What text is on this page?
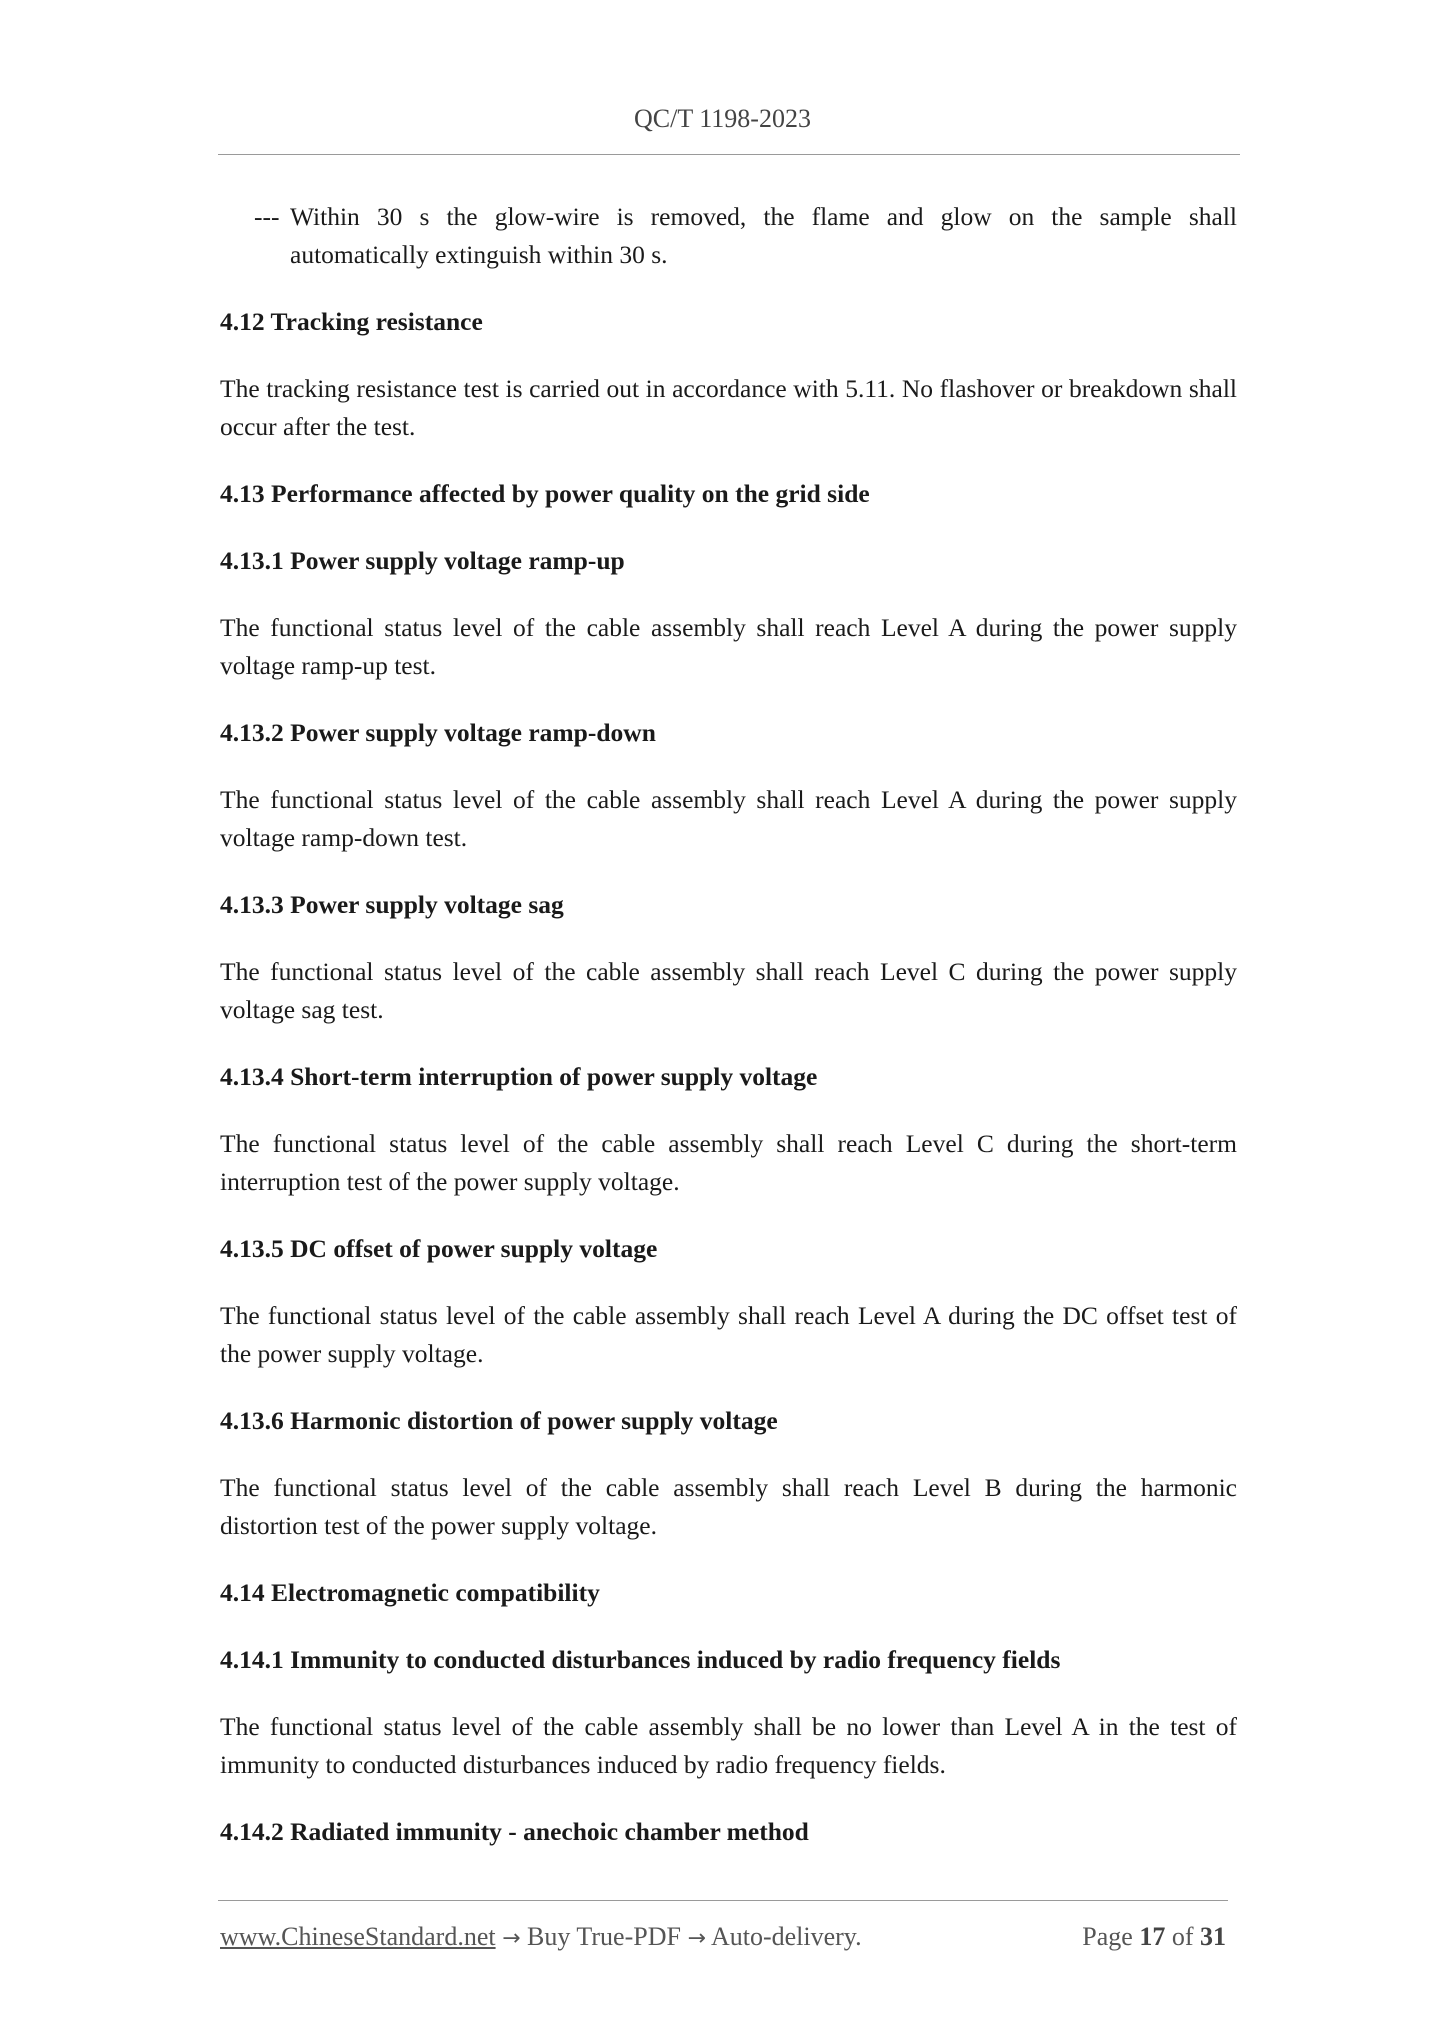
QC/T 1198-2023
--- Within 30 s the glow-wire is removed, the flame and glow on the sample shall
automatically extinguish within 30 s.
4.12 Tracking resistance
The tracking resistance test is carried out in accordance with 5.11. No flashover or breakdown shall occur after the test.
4.13 Performance affected by power quality on the grid side
4.13.1 Power supply voltage ramp-up
The functional status level of the cable assembly shall reach Level A during the power supply voltage ramp-up test.
4.13.2 Power supply voltage ramp-down
The functional status level of the cable assembly shall reach Level A during the power supply voltage ramp-down test.
4.13.3 Power supply voltage sag
The functional status level of the cable assembly shall reach Level C during the power supply voltage sag test.
4.13.4 Short-term interruption of power supply voltage
The functional status level of the cable assembly shall reach Level C during the short-term interruption test of the power supply voltage.
4.13.5 DC offset of power supply voltage
The functional status level of the cable assembly shall reach Level A during the DC offset test of the power supply voltage.
4.13.6 Harmonic distortion of power supply voltage
The functional status level of the cable assembly shall reach Level B during the harmonic distortion test of the power supply voltage.
4.14 Electromagnetic compatibility
4.14.1 Immunity to conducted disturbances induced by radio frequency fields
The functional status level of the cable assembly shall be no lower than Level A in the test of immunity to conducted disturbances induced by radio frequency fields.
4.14.2 Radiated immunity - anechoic chamber method
www.ChineseStandard.net → Buy True-PDF → Auto-delivery.	Page 17 of 31
